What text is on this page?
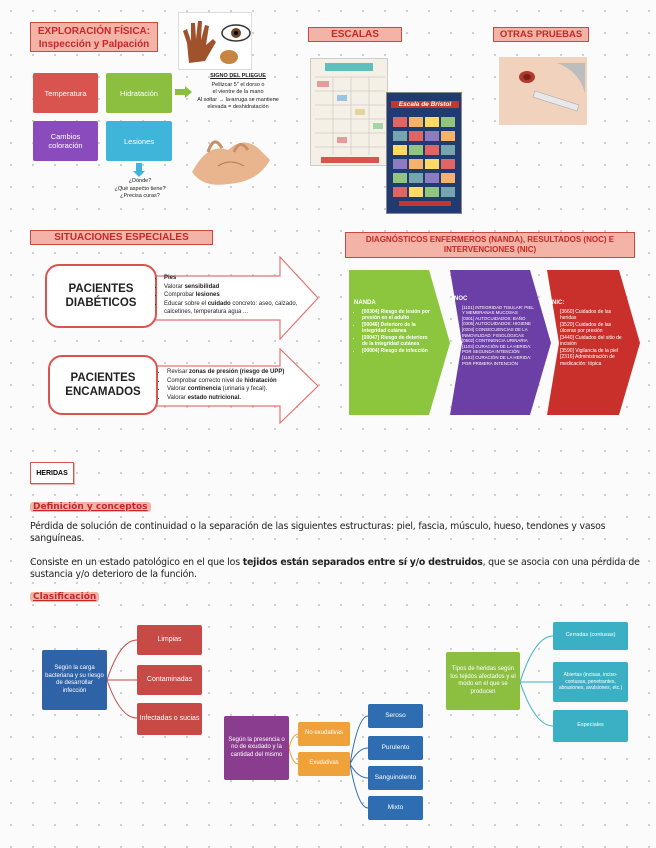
EXPLORACIÓN FÍSICA:
Inspección y Palpación
Temperatura	Hidratación
Cambios coloración	Lesiones
¿Dónde?
¿Qué aspecto tiene?
¿Precisa curas?
SIGNO DEL PLIEGUE
Pellizcar 5" el dorso o
el vientre de la mano
Al soltar → la arruga se mantiene
elevada = deshidratación
ESCALAS
Escala de Bristol
OTRAS PRUEBAS
SITUACIONES ESPECIALES
PACIENTES DIABÉTICOS
PACIENTES ENCAMADOS
• Pies
• Valorar sensibilidad
• Comprobar lesiones
• Educar sobre el cuidado concreto: aseo, calzado, calcetines, temperatura agua ...
• Revisar zonas de presión (riesgo de UPP)
• Comprobar correcto nivel de hidratación
• Valorar continencia (urinaria y fecal).
• Valorar estado nutricional.
DIAGNÓSTICOS ENFERMEROS (NANDA), RESULTADOS (NOC) E INTERVENCIONES (NIC)
NANDA
• [00304] Riesgo de lesión por presión en el adulto
• [00046] Deterioro de la integridad cutánea
• [00047] Riesgo de deterioro de la integridad cutánea
• [00004] Riesgo de infección
NOC
• [1101] INTEGRIDAD TISULAR: PIEL Y MEMBRANAS MUCOSAS
• [0301] AUTOCUIDADOS: BAÑO
• [0305] AUTOCUIDADOS: HIGIENE
• [0204] CONSECUENCIAS DE LA INMOVILIDAD: FISIOLÓGICAS
• [0502] CONTINENCIA URINARIA
• [1103] CURACIÓN DE LA HERIDA: POR SEGUNDA INTENCIÓN
• [1102] CURACIÓN DE LA HERIDA: POR PRIMERA INTENCIÓN
NIC:
• [3660] Cuidados de las heridas
• [3520] Cuidados de las úlceras por presión
• [3440] Cuidados del sitio de incisión
• [3590] Vigilancia de la piel
• [2316] Administración de medicación: tópica
HERIDAS
Definición y conceptos
Pérdida de solución de continuidad o la separación de las siguientes estructuras: piel, fascia, músculo, hueso, tendones y vasos sanguíneas.
Consiste en un estado patológico en el que los tejidos están separados entre sí y/o destruidos, que se asocia con una pérdida de sustancia y/o deterioro de la función.
Clasificación
Según la carga bacteriana y su riesgo de desarrollar infección
Limpias
Contaminadas
Infectadas o sucias
Según la presencia o no de exudado y la cantidad del mismo
No exudativas
Exudativas
Seroso
Purulento
Sanguinolento
Mixto
Tipos de heridas según los tejidos afectados y el modo en el que se producen
Cerradas (contusas)
Abiertas (incisas, inciso-contusas, penetrantes, abrasiones, avulsiones, etc.)
Especiales
